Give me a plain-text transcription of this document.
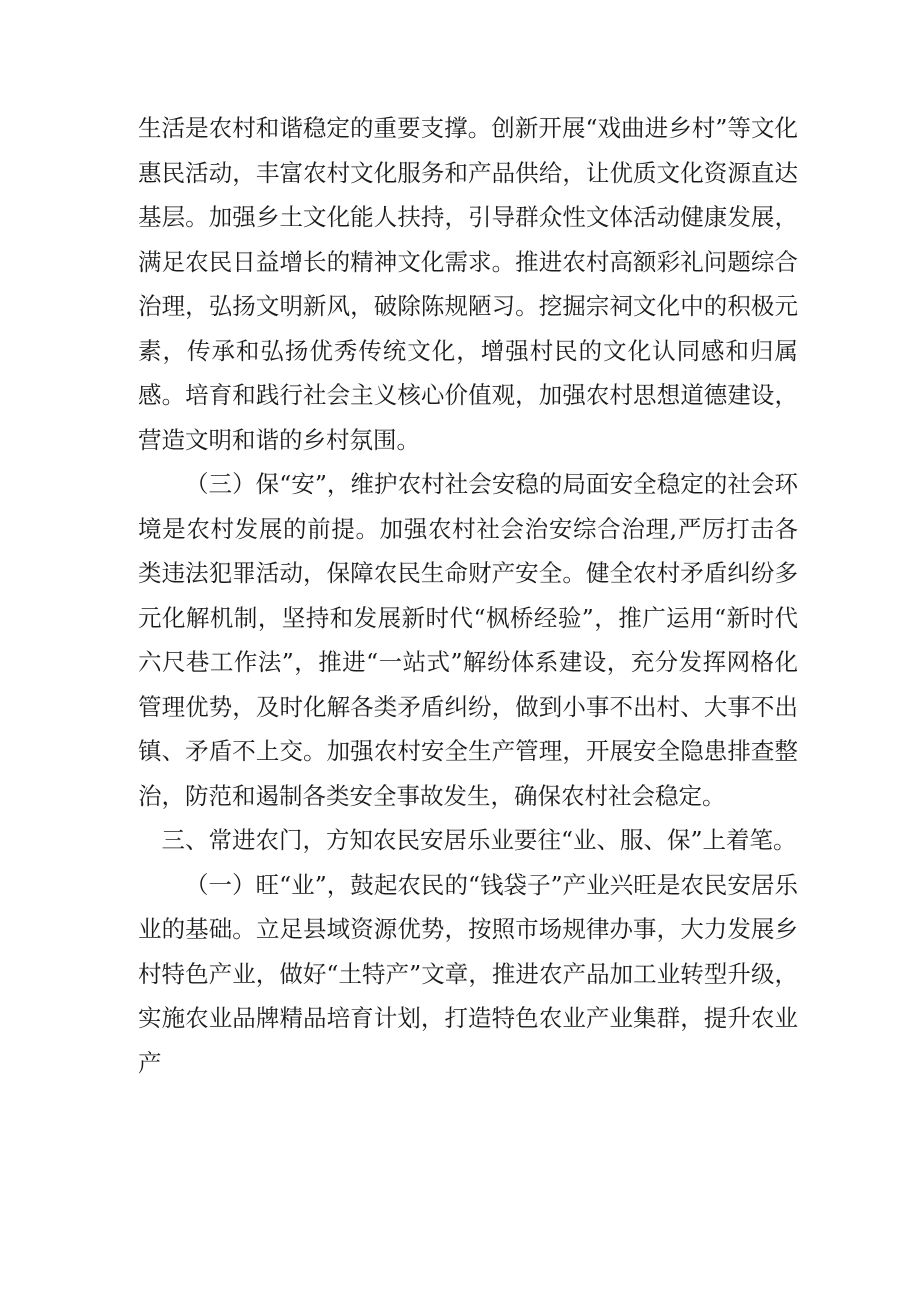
生活是农村和谐稳定的重要支撑。创新开展“戏曲进乡村”等文化惠民活动，丰富农村文化服务和产品供给，让优质文化资源直达基层。加强乡土文化能人扶持，引导群众性文体活动健康发展，满足农民日益增长的精神文化需求。推进农村高额彩礼问题综合治理，弘扬文明新风，破除陈规陋习。挖掘宗祠文化中的积极元素，传承和弘扬优秀传统文化，增强村民的文化认同感和归属感。培育和践行社会主义核心价值观，加强农村思想道德建设，营造文明和谐的乡村氛围。

（三）保“安”，维护农村社会安稳的局面安全稳定的社会环境是农村发展的前提。加强农村社会治安综合治理,严厉打击各类违法犯罪活动，保障农民生命财产安全。健全农村矛盾纠纷多元化解机制，坚持和发展新时代“枫桥经验”，推广运用“新时代六尺巷工作法”，推进“一站式”解纷体系建设，充分发挥网格化管理优势，及时化解各类矛盾纠纷，做到小事不出村、大事不出镇、矛盾不上交。加强农村安全生产管理，开展安全隐患排查整治，防范和遏制各类安全事故发生，确保农村社会稳定。

三、常进农门，方知农民安居乐业要往“业、服、保”上着笔。

（一）旺“业”，鼓起农民的“钱袋子”产业兴旺是农民安居乐业的基础。立足县域资源优势，按照市场规律办事，大力发展乡村特色产业，做好“土特产”文章，推进农产品加工业转型升级，实施农业品牌精品培育计划，打造特色农业产业集群，提升农业产
